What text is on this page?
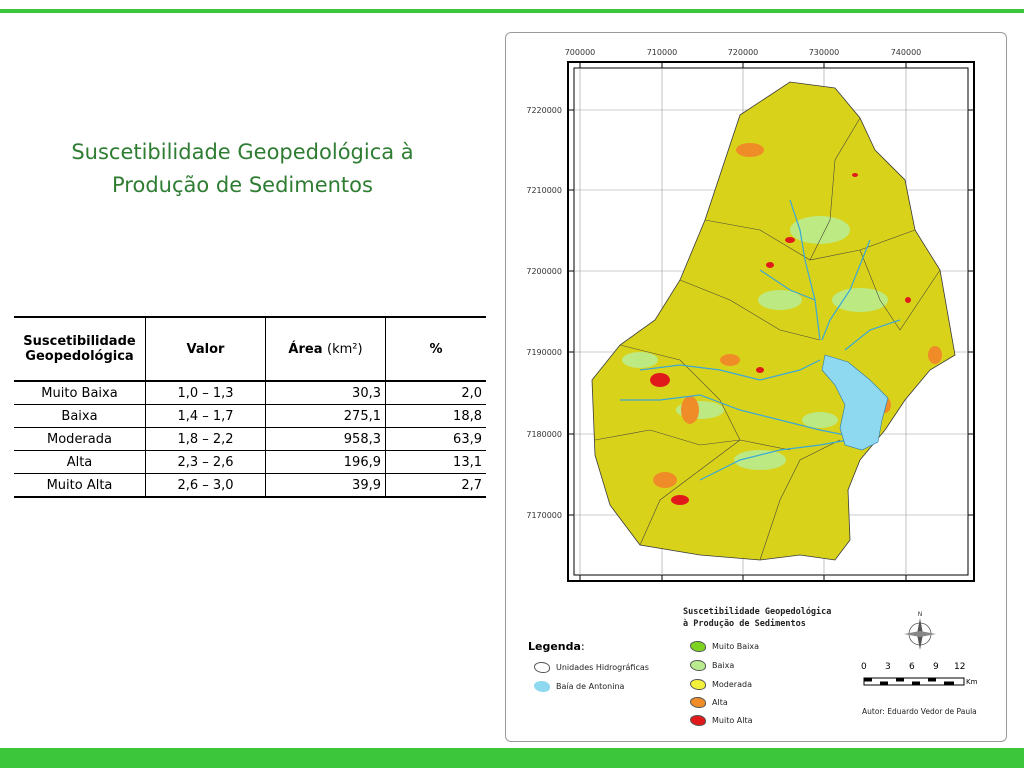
Suscetibilidade Geopedológica à
Produção de Sedimentos
Suscetibilidade
Geopedológica	Valor	Área (km²)	%
Muito Baixa	1,0 – 1,3	30,3	2,0
Baixa	1,4 – 1,7	275,1	18,8
Moderada	1,8 – 2,2	958,3	63,9
Alta	2,3 – 2,6	196,9	13,1
Muito Alta	2,6 – 3,0	39,9	2,7
700000	710000	720000	730000	740000
7220000
7210000
7200000
7190000
7180000
7170000
N
0 3 6 9 12
Km
Suscetibilidade Geopedológica
à Produção de Sedimentos
Muito Baixa
Baixa
Moderada
Alta
Muito Alta
Legenda:
Unidades Hidrográficas
Baía de Antonina
Autor: Eduardo Vedor de Paula
